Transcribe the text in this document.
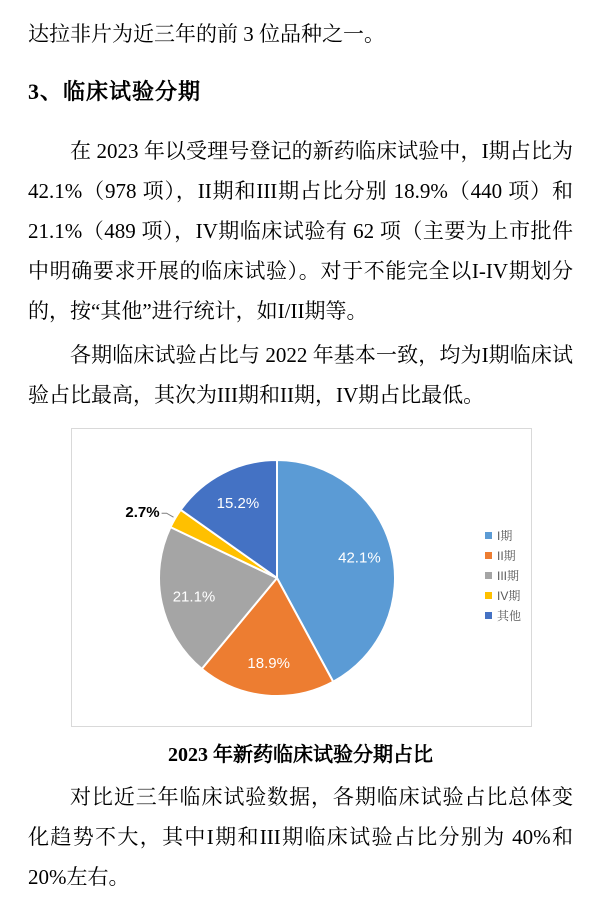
达拉非片为近三年的前 3 位品种之一。

3、临床试验分期

在 2023 年以受理号登记的新药临床试验中，I期占比为 42.1%（978 项），II期和III期占比分别 18.9%（440 项）和 21.1%（489 项），IV期临床试验有 62 项（主要为上市批件中明确要求开展的临床试验）。对于不能完全以I-IV期划分的，按“其他”进行统计，如I/II期等。

各期临床试验占比与 2022 年基本一致，均为I期临床试验占比最高，其次为III期和II期，IV期占比最低。

42.1%
18.9%
21.1%
2.7%
15.2%
I期
II期
III期
IV期
其他

2023 年新药临床试验分期占比

对比近三年临床试验数据，各期临床试验占比总体变化趋势不大，其中I期和III期临床试验占比分别为 40%和 20%左右。
